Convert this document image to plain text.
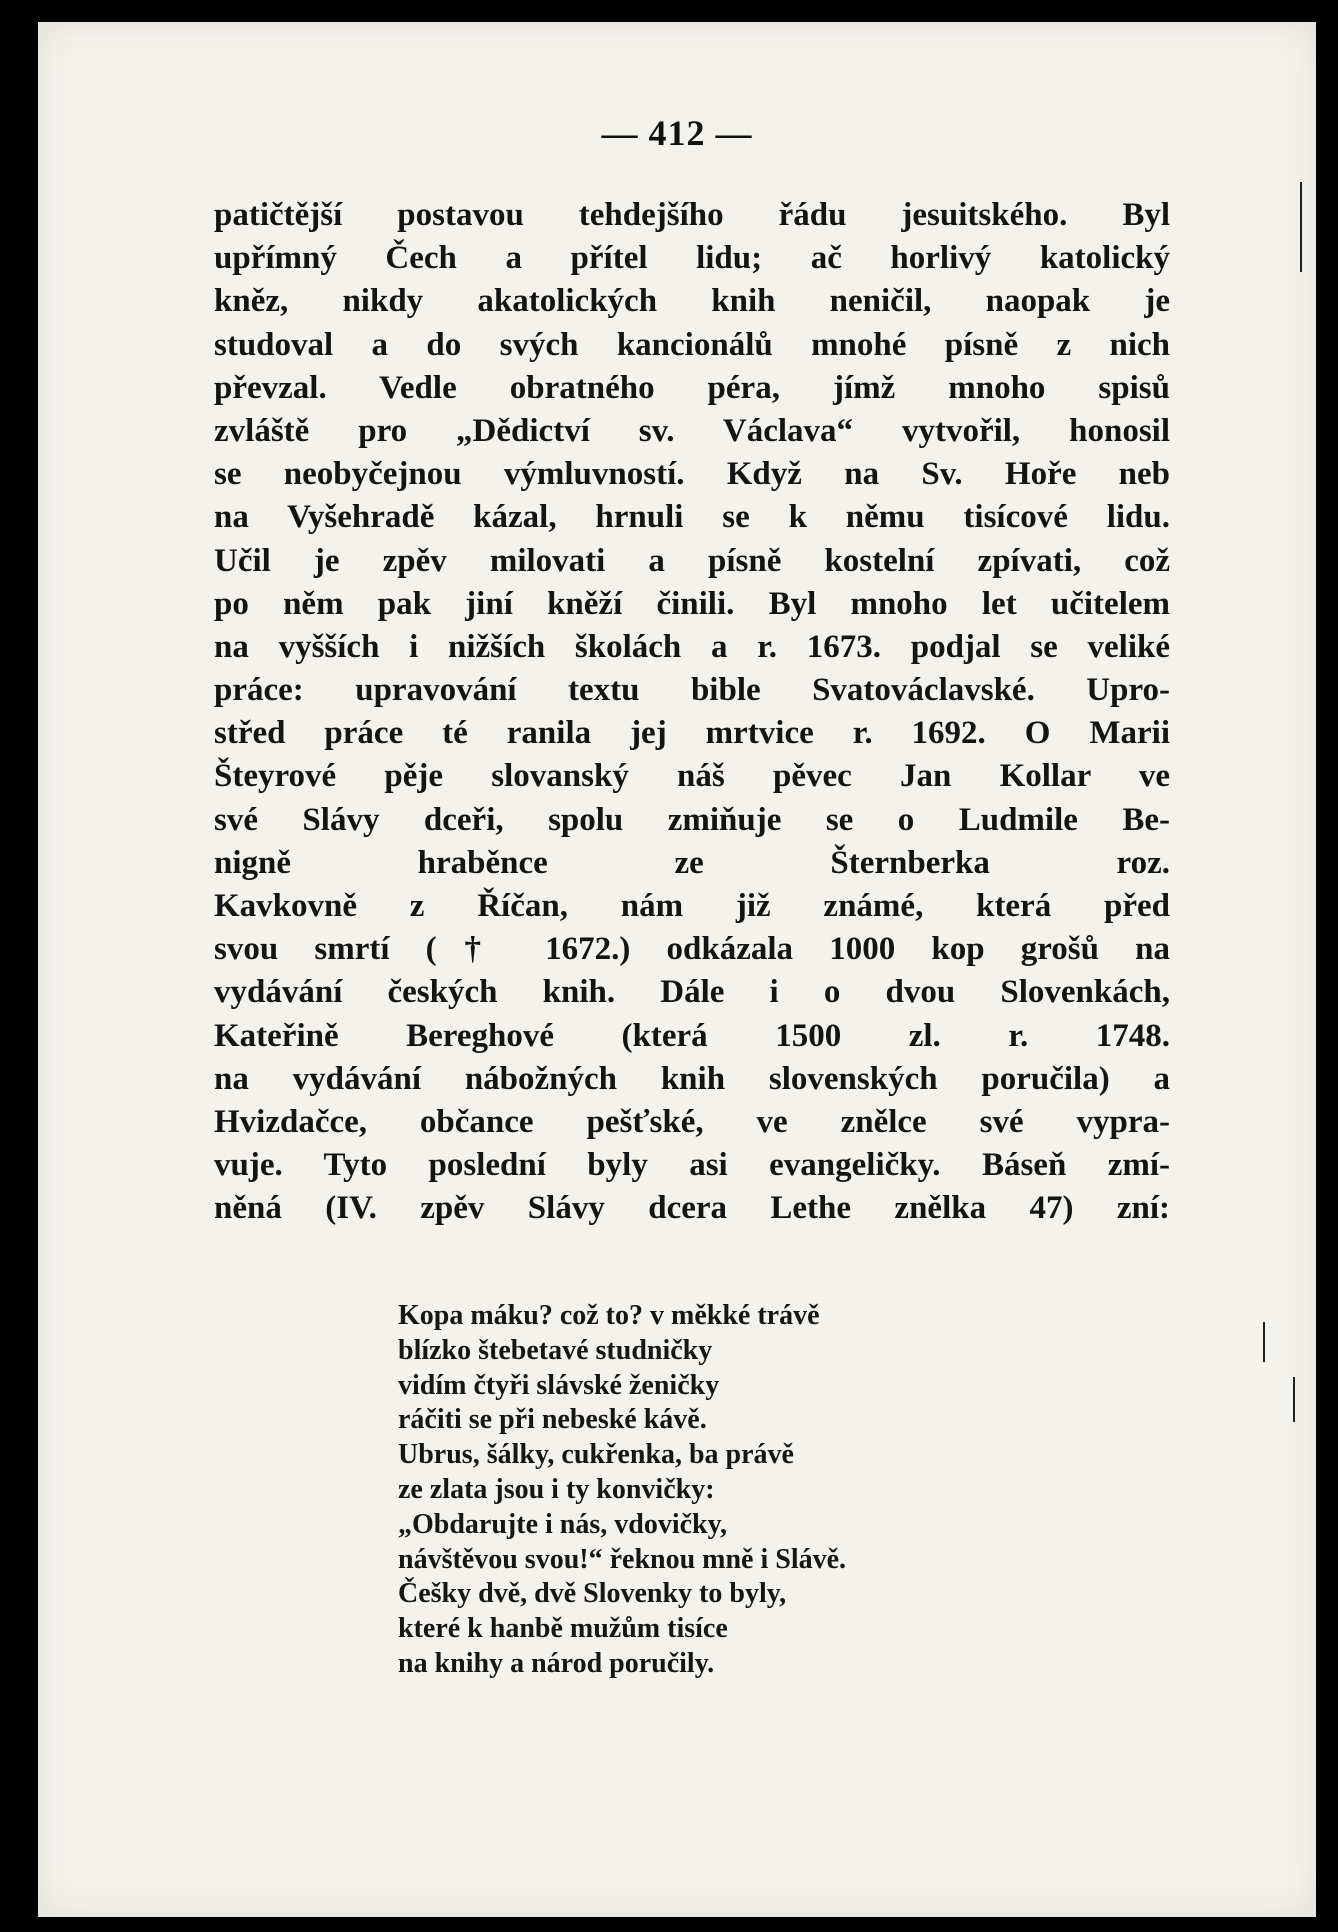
— 412 —
patičtější postavou tehdejšího řádu jesuitského. Byl
upřímný Čech a přítel lidu; ač horlivý katolický
kněz, nikdy akatolických knih neničil, naopak je
studoval a do svých kancionálů mnohé písně z nich
převzal. Vedle obratného péra, jímž mnoho spisů
zvláště pro „Dědictví sv. Václava“ vytvořil, honosil
se neobyčejnou výmluvností. Když na Sv. Hoře neb
na Vyšehradě kázal, hrnuli se k němu tisícové lidu.
Učil je zpěv milovati a písně kostelní zpívati, což
po něm pak jiní kněží činili. Byl mnoho let učitelem
na vyšších i nižších školách a r. 1673. podjal se veliké
práce: upravování textu bible Svatováclavské. Upro-
střed práce té ranila jej mrtvice r. 1692. O Marii
Šteyrové pěje slovanský náš pěvec Jan Kollar ve
své Slávy dceři, spolu zmiňuje se o Ludmile Be-
nigně hraběnce ze Šternberka roz.
Kavkovně z Říčan, nám již známé, která před
svou smrtí († 1672.) odkázala 1000 kop grošů na
vydávání českých knih. Dále i o dvou Slovenkách,
Kateřině Bereghové (která 1500 zl. r. 1748.
na vydávání nábožných knih slovenských poručila) a
Hvizdačce, občance pešťské, ve znělce své vypra-
vuje. Tyto poslední byly asi evangeličky. Báseň zmí-
něná (IV. zpěv Slávy dcera Lethe znělka 47) zní:
Kopa máku? což to? v měkké trávě
blízko štebetavé studničky
vidím čtyři slávské ženičky
ráčiti se při nebeské kávě.
Ubrus, šálky, cukřenka, ba právě
ze zlata jsou i ty konvičky:
„Obdarujte i nás, vdovičky,
návštěvou svou!“ řeknou mně i Slávě.
Češky dvě, dvě Slovenky to byly,
které k hanbě mužům tisíce
na knihy a národ poručily.
